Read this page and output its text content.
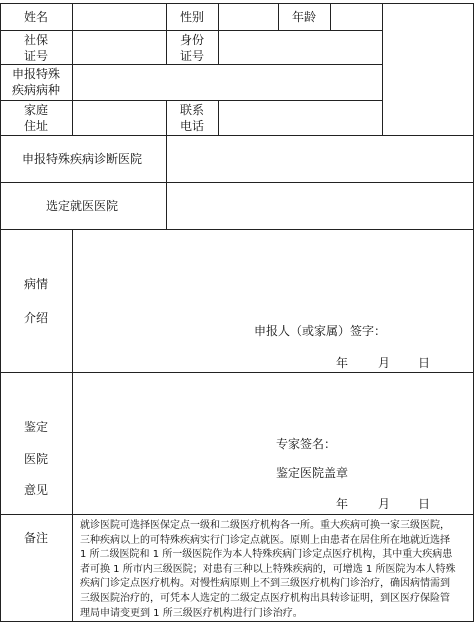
姓名	性别	年龄
社保
证号
身份
证号
申报特殊
疾病病种
家庭
住址
联系
电话
申报特殊疾病诊断医院
选定就医医院
病情
介绍
申报人（或家属）签字：
年 月 日
鉴定
医院
意见
专家签名：
鉴定医院盖章
年 月 日
备注
就诊医院可选择医保定点一级和二级医疗机构各一所。重大疾病可换一家三级医院，
三种疾病以上的可特殊疾病实行门诊定点就医。原则上由患者在居住所在地就近选择
1 所二级医院和 1 所一级医院作为本人特殊疾病门诊定点医疗机构，其中重大疾病患
者可换 1 所市内三级医院；对患有三种以上特殊疾病的，可增选 1 所医院为本人特殊
疾病门诊定点医疗机构。对慢性病原则上不到三级医疗机构门诊治疗，确因病情需到
三级医院治疗的，可凭本人选定的二级定点医疗机构出具转诊证明，到区医疗保险管
理局申请变更到 1 所三级医疗机构进行门诊治疗。
